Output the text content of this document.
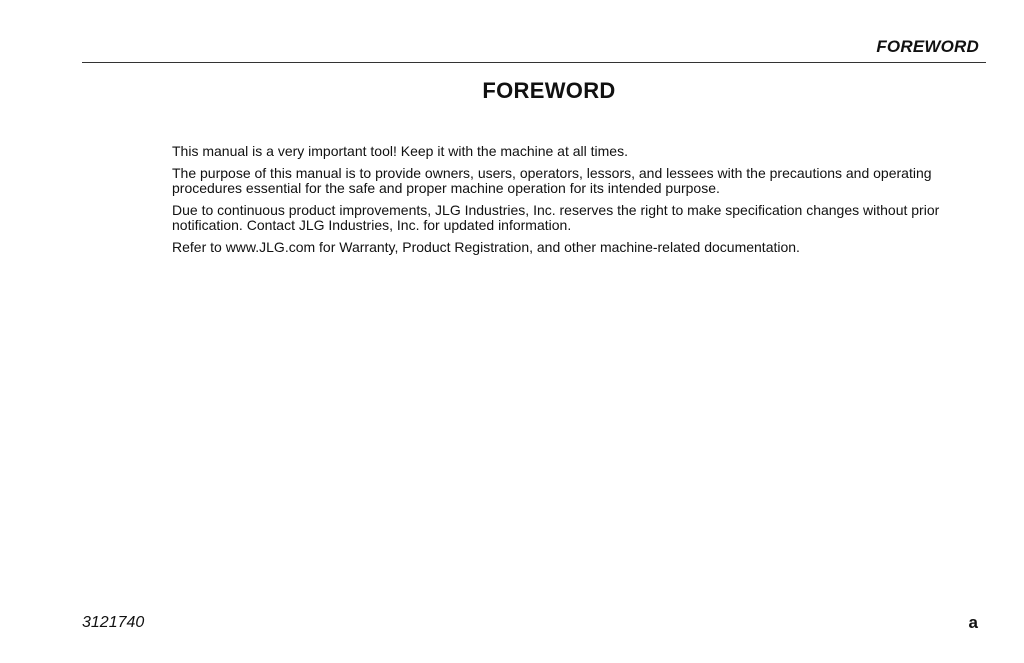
FOREWORD
FOREWORD

This manual is a very important tool! Keep it with the machine at all times.

The purpose of this manual is to provide owners, users, operators, lessors, and lessees with the precautions and operating procedures essential for the safe and proper machine operation for its intended purpose.

Due to continuous product improvements, JLG Industries, Inc. reserves the right to make specification changes without prior notification. Contact JLG Industries, Inc. for updated information.

Refer to www.JLG.com for Warranty, Product Registration, and other machine-related documentation.

3121740	a
